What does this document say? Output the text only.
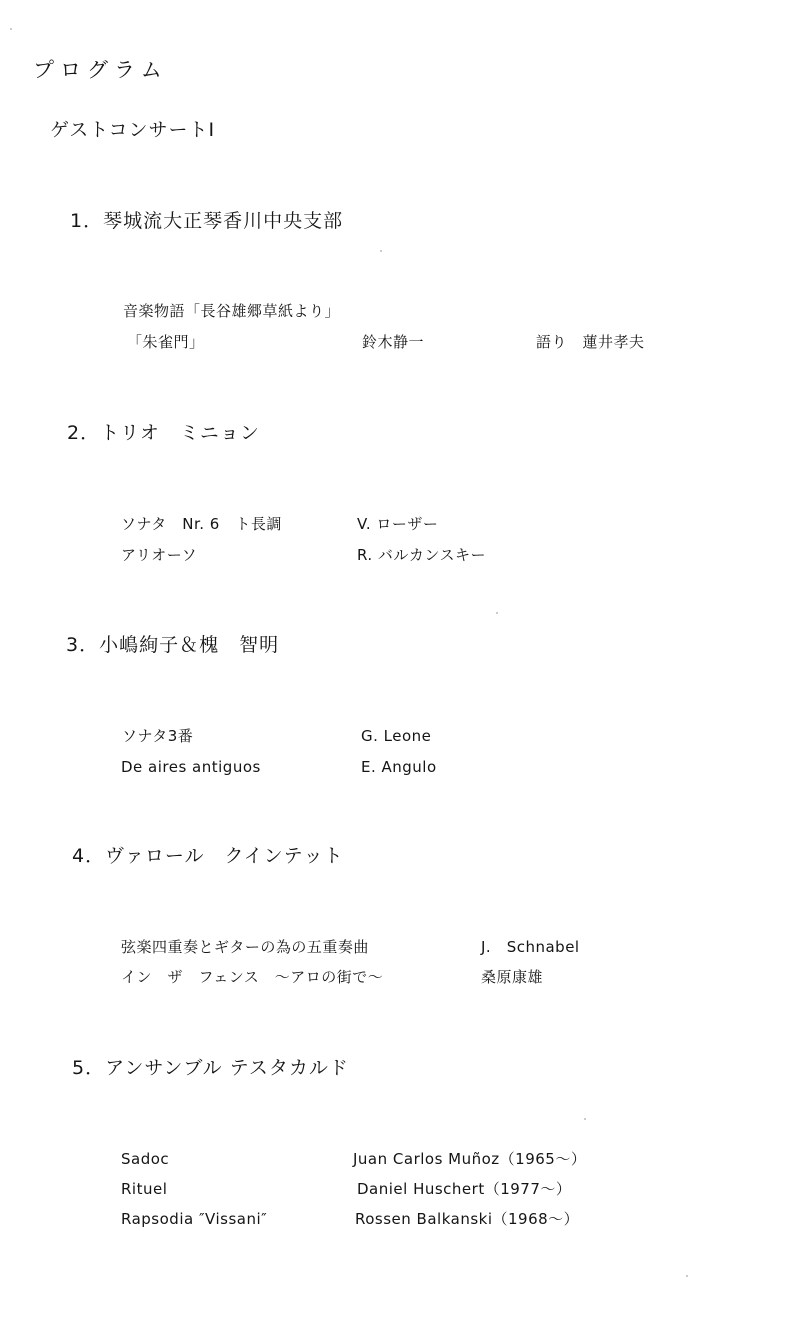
プログラム
ゲストコンサートⅠ
1．琴城流大正琴香川中央支部
音楽物語「長谷雄郷草紙より」
「朱雀門」	鈴木静一	語り　蓮井孝夫
2．トリオ　ミニョン
ソナタ　Nr. 6　ト長調	V. ローザー
アリオーソ	R. バルカンスキー
3．小嶋絢子＆槐　智明
ソナタ3番	G. Leone
De aires antiguos	E. Angulo
4．ヴァロール　クインテット
弦楽四重奏とギターの為の五重奏曲	J.　Schnabel
イン　ザ　フェンス　～アロの街で～	桑原康雄
5．アンサンブル テスタカルド
Sadoc	Juan Carlos Muñoz（1965～）
Rituel	Daniel Huschert（1977～）
Rapsodia ″Vissani″	Rossen Balkanski（1968～）
